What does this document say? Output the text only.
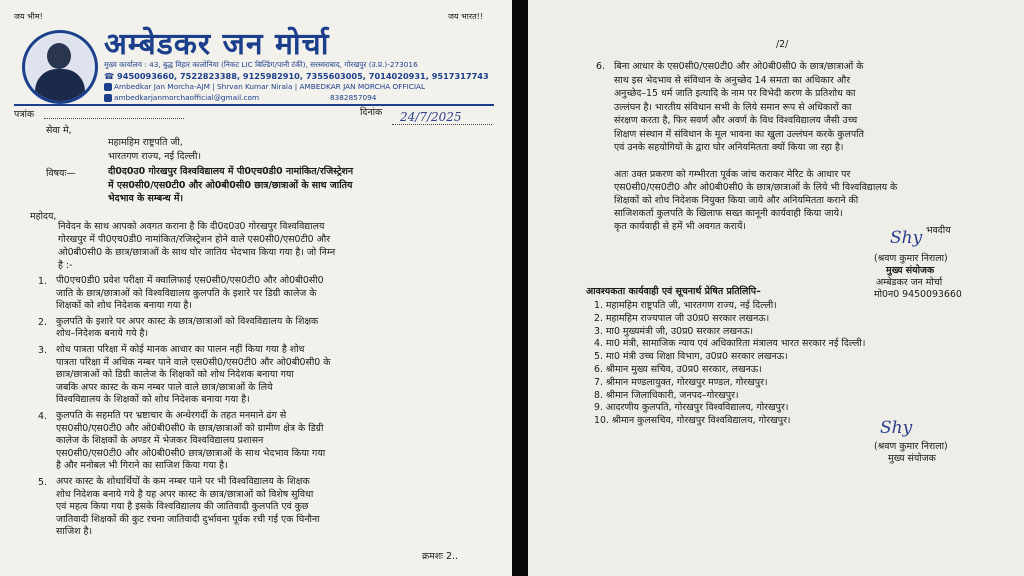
जय भीम!	जय भारत!!
अम्बेडकर जन मोर्चा
मुख्य कार्यालय : 43, बुद्ध विहार कालोनिया (निकट LIC बिल्डिंग/पानी टंकी), सरस्वराबाद, गोरखपुर (उ.प्र.)-273016
☎ 9450093660, 7522823388, 9125982910, 7355603005, 7014020931, 9517317743
Ambedkar Jan Morcha-AJM | Shrvan Kumar Nirala | AMBEDKAR JAN MORCHA OFFICIAL
ambedkarjanmorchaofficial@gmail.com	8382857094
पत्रांक	दिनांक 24/7/2025
सेवा मे,
महामहिम राष्ट्रपति जी,
भारतगण राज्य, नई दिल्ली।
विषयः—	दी0द0उ0 गोरखपुर विश्वविद्यालय में पी0एच0डी0 नामांकित/रजिस्ट्रेशन
में एस0सी0/एस0टी0 और ओ0बी0सी0 छात्र/छात्राओं के साथ जातिय
भेदभाव के सम्बन्ध में।
महोदय,
निवेदन के साथ आपको अवगत कराना है कि दी0द0उ0 गोरखपुर विश्वविद्यालय
गोरखपुर में पी0एच0डी0 नामांकित/रजिस्ट्रेशन होने वाले एस0सी0/एस0टी0 और
ओ0बी0सी0 के छात्र/छात्राओं के साथ घोर जातिय भेदभाव किया गया है। जो निम्न
है :-
1. पी0एच0डी0 प्रवेश परीक्षा में क्वालिफाई एस0सी0/एस0टी0 और ओ0बी0सी0
जाति के छात्र/छात्राओं को विश्वविद्यालय कुलपति के इशारे पर डिग्री कालेज के
शिक्षकों को शोध निदेशक बनाया गया है।
2. कुलपति के इशारे पर अपर कास्ट के छात्र/छात्राओं को विश्वविद्यालय के शिक्षक
शोध–निदेशक बनाये गये है।
3. शोध पात्रता परिक्षा में कोई मानक आधार का पालन नहीं किया गया है शोध
पात्रता परिक्षा में अधिक नम्बर पाने वाले एस0सी0/एस0टी0 और ओ0बी0सी0 के
छात्र/छात्राओं को डिग्री कालेज के शिक्षकों को शोध निदेशक बनाया गया
जबकि अपर कास्ट के कम नम्बर पाले वाले छात्र/छात्राओं के लिये
विश्वविद्यालय के शिक्षकों को शोध निदेशक बनाया गया है।
4. कुलपति के सहमति पर भ्रष्टाचार के अन्धेरगर्दी के तहत मनमाने ढंग से
एस0सी0/एस0टी0 और ओ0बी0सी0 के छात्र/छात्राओं को ग्रामीण क्षेत्र के डिग्री
कालेज के शिक्षकों के अण्डर में भेजकर विश्वविद्यालय प्रशासन
एस0सी0/एस0टी0 और ओ0बी0सी0 छात्र/छात्राओं के साथ भेदभाव किया गया
है और मनोबल भी गिराने का साजिश किया गया है।
5. अपर कास्ट के शोधार्थियों के कम नम्बर पाने पर भी विश्वविद्यालय के शिक्षक
शोध निदेशक बनाये गये है यह अपर कास्ट के छात्र/छात्राओं को विशेष सुविधा
एवं महत्व किया गया है इसके विश्वविद्यालय की जातिवादी कुलपति एवं कुछ
जातिवादी शिक्षकों की कुट रचना जातिवादी दुर्भावना पूर्वक रची गई एक घिनौना
साजिश है।
क्रमशः 2..
/2/
6. बिना आधार के एस0सी0/एस0टी0 और ओ0बी0सी0 के छात्र/छात्राओं के
साथ इस भेदभाव से संविधान के अनुच्छेद 14 समता का अधिकार और
अनुच्छेद–15 धर्म जाति इत्यादि के नाम पर विभेदी करण के प्रतिशोध का
उल्लंघन है। भारतीय संविधान सभी के लिये समान रूप से अधिकारों का
संरक्षण करता है, फिर सवर्ण और अवर्ण के विध विश्वविद्यालय जैसी उच्च
शिक्षण संस्थान में संविधान के मूल भावना का खुला उल्लंघन करके कुलपति
एवं उनके सहयोगियों के द्वारा घोर अनियमितता क्यों किया जा रहा है।
अतः उक्त प्रकरण को गम्भीरता पूर्वक जांच कराकर मेरिट के आधार पर
एस0सी0/एस0टी0 और ओ0बी0सी0 के छात्र/छात्राओं के लिये भी विश्वविद्यालय के
शिक्षकों को शोध निदेशक नियुक्त किया जाये और अनियमितता कराने की
साजिशकर्ता कुलपति के खिलाफ सख्त कानूनी कार्यवाही किया जाये।
कृत कार्यवाही से हमें भी अवगत करायें।	भवदीय
Shy
(श्रवण कुमार निराला)
मुख्य संयोजक
अम्बेडकर जन मोर्चा
मो0न0 9450093660
आवश्यकता कार्यवाही एवं सूचनार्थ प्रेषित प्रतिलिपि–
1. महामहिम राष्ट्रपति जी, भारतगण राज्य, नई दिल्ली।
2. महामहिम राज्यपाल जी उ0प्र0 सरकार लखनऊ।
3. मा0 मुख्यमंत्री जी, उ0प्र0 सरकार लखनऊ।
4. मा0 मंत्री, सामाजिक न्याय एवं अधिकारिता मंत्रालय भारत सरकार नई दिल्ली।
5. मा0 मंत्री उच्च शिक्षा विभाग, उ0प्र0 सरकार लखनऊ।
6. श्रीमान मुख्य सचिव, उ0प्र0 सरकार, लखनऊ।
7. श्रीमान मण्डलायुक्त, गोरखपुर मण्डल, गोरखपुर।
8. श्रीमान जिलाधिकारी, जनपद–गोरखपुर।
9. आदरणीय कुलपति, गोरखपुर विश्वविद्यालय, गोरखपुर।
10. श्रीमान कुलसचिव, गोरखपुर विश्वविद्यालय, गोरखपुर।	Shy
(श्रवण कुमार निराला)
मुख्य संयोजक
